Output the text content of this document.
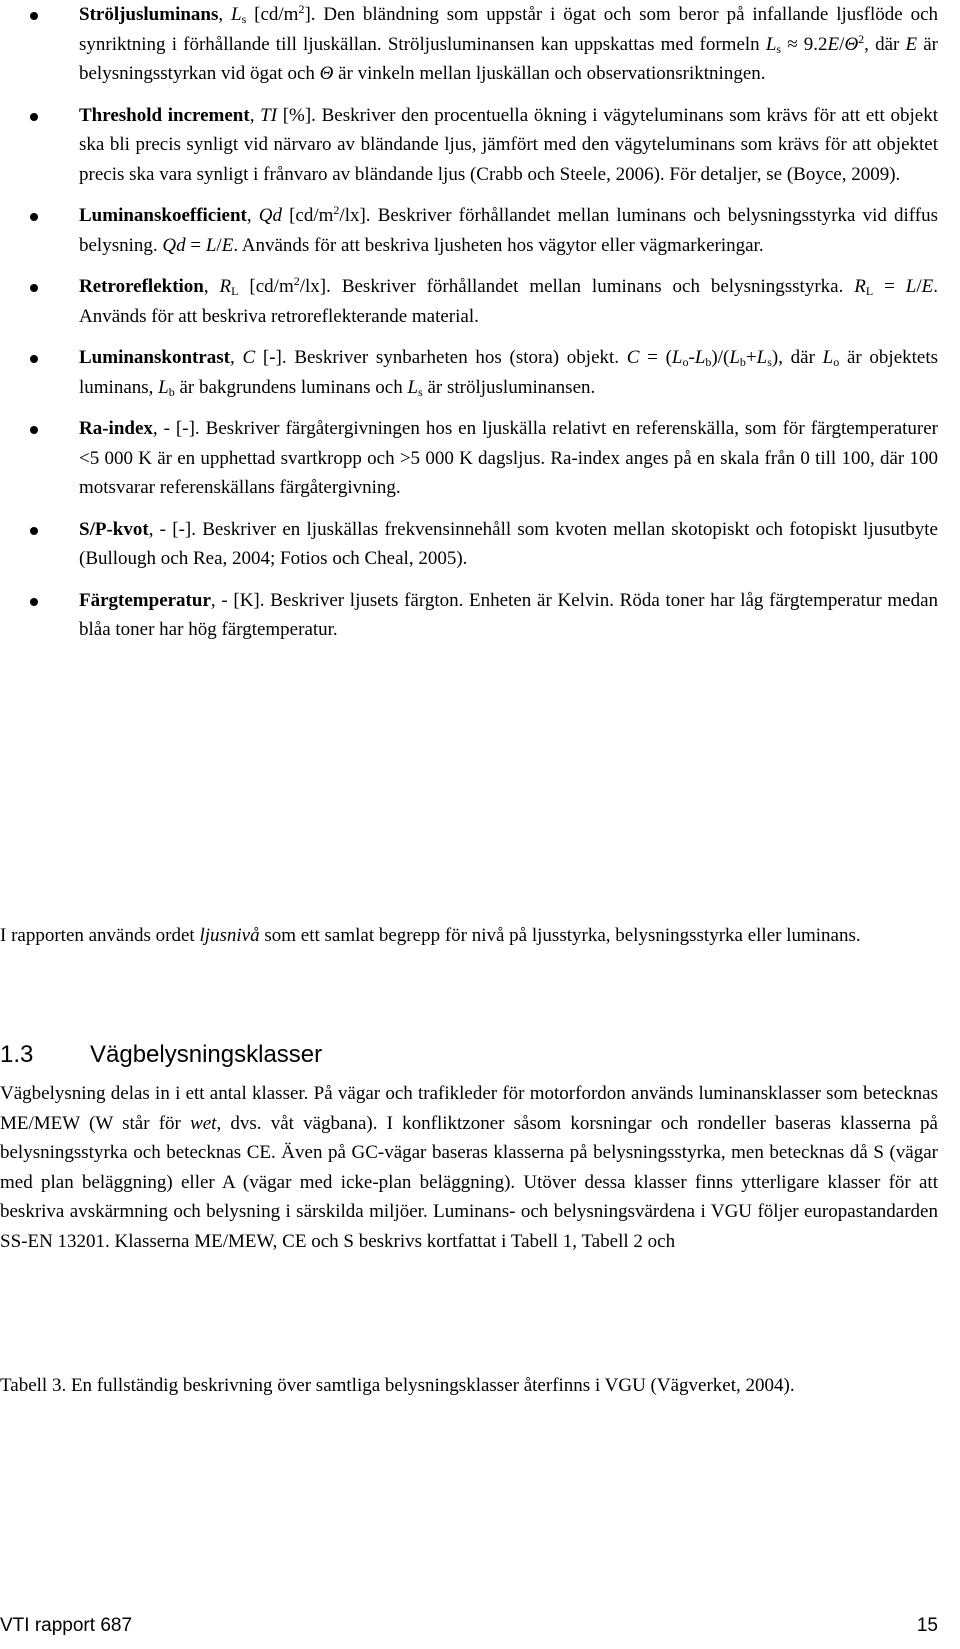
Ströljusluminans, $L_s$ $[cd/m^2]$. Den bländning som uppstår i ögat och som beror på infallande ljusflöde och synriktning i förhållande till ljuskällan. Ströljusluminansen kan uppskattas med formeln $L_s \approx 9.2E/\Theta^2$, där E är belysningsstyrkan vid ögat och Θ är vinkeln mellan ljuskällan och observationsriktningen.
Threshold increment, TI [%]. Beskriver den procentuella ökning i vägyteluminans som krävs för att ett objekt ska bli precis synligt vid närvaro av bländande ljus, jämfört med den vägyteluminans som krävs för att objektet precis ska vara synligt i frånvaro av bländande ljus (Crabb och Steele, 2006). För detaljer, se (Boyce, 2009).
Luminanskoefficient, Qd $[cd/m^2/lx]$. Beskriver förhållandet mellan luminans och belysningsstyrka vid diffus belysning. Qd = L/E. Används för att beskriva ljusheten hos vägytor eller vägmarkeringar.
Retroreflektion, $R_L$ $[cd/m^2/lx]$. Beskriver förhållandet mellan luminans och belysningsstyrka. $R_L = L/E$. Används för att beskriva retroreflekterande material.
Luminanskontrast, C [-]. Beskriver synbarheten hos (stora) objekt. $C = (L_o-L_b)/(L_b+L_s)$, där $L_o$ är objektets luminans, $L_b$ är bakgrundens luminans och $L_s$ är ströljusluminansen.
Ra-index, - [-]. Beskriver färgåtergivningen hos en ljuskälla relativt en referenskälla, som för färgtemperaturer <5 000 K är en upphettad svartkropp och >5 000 K dagsljus. Ra-index anges på en skala från 0 till 100, där 100 motsvarar referenskällans färgåtergivning.
S/P-kvot, - [-]. Beskriver en ljuskällas frekvensinnehåll som kvoten mellan skotopiskt och fotopiskt ljusutbyte (Bullough och Rea, 2004; Fotios och Cheal, 2005).
Färgtemperatur, - [K]. Beskriver ljusets färgton. Enheten är Kelvin. Röda toner har låg färgtemperatur medan blåa toner har hög färgtemperatur.

I rapporten används ordet ljusnivå som ett samlat begrepp för nivå på ljusstyrka, belysningsstyrka eller luminans.

1.3 Vägbelysningsklasser

Vägbelysning delas in i ett antal klasser. På vägar och trafikleder för motorfordon används luminansklasser som betecknas ME/MEW (W står för wet, dvs. våt vägbana). I konfliktzoner såsom korsningar och rondeller baseras klasserna på belysningsstyrka och betecknas CE. Även på GC-vägar baseras klasserna på belysningsstyrka, men betecknas då S (vägar med plan beläggning) eller A (vägar med icke-plan beläggning). Utöver dessa klasser finns ytterligare klasser för att beskriva avskärmning och belysning i särskilda miljöer. Luminans- och belysningsvärdena i VGU följer europastandarden SS-EN 13201. Klasserna ME/MEW, CE och S beskrivs kortfattat i Tabell 1, Tabell 2 och

Tabell 3. En fullständig beskrivning över samtliga belysningsklasser återfinns i VGU (Vägverket, 2004).

VTI rapport 687	15
